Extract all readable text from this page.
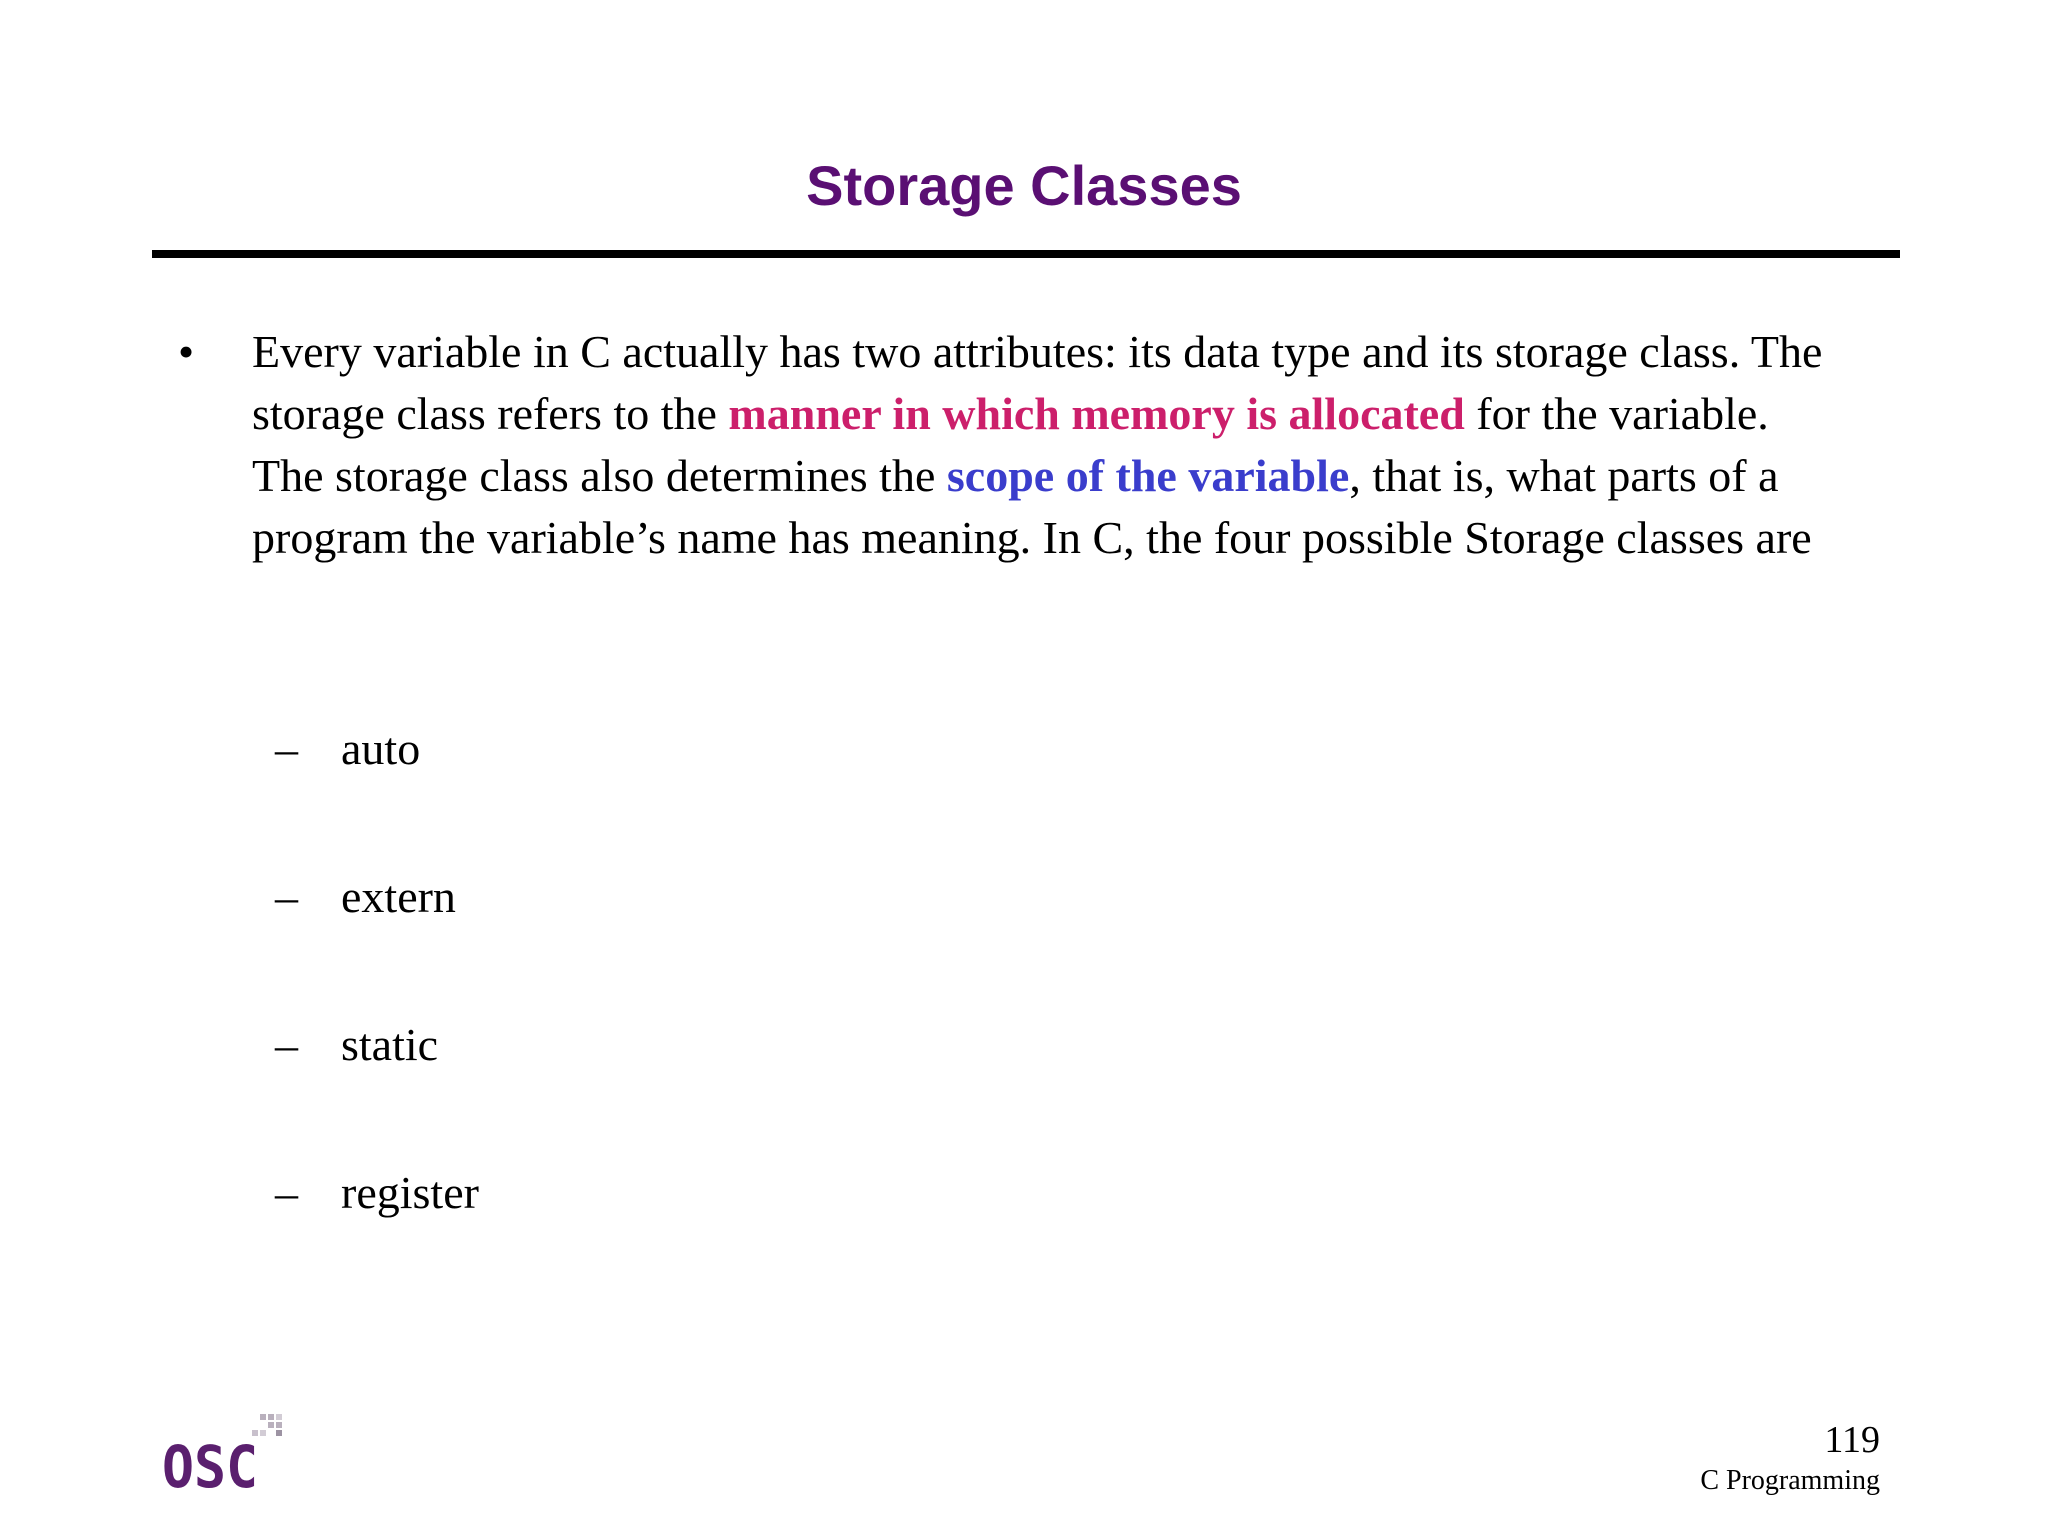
Storage Classes
• Every variable in C actually has two attributes: its data type and its storage class. The storage class refers to the manner in which memory is allocated for the variable. The storage class also determines the scope of the variable, that is, what parts of a program the variable’s name has meaning. In C, the four possible Storage classes are
– auto
– extern
– static
– register
OSC	119
C Programming
